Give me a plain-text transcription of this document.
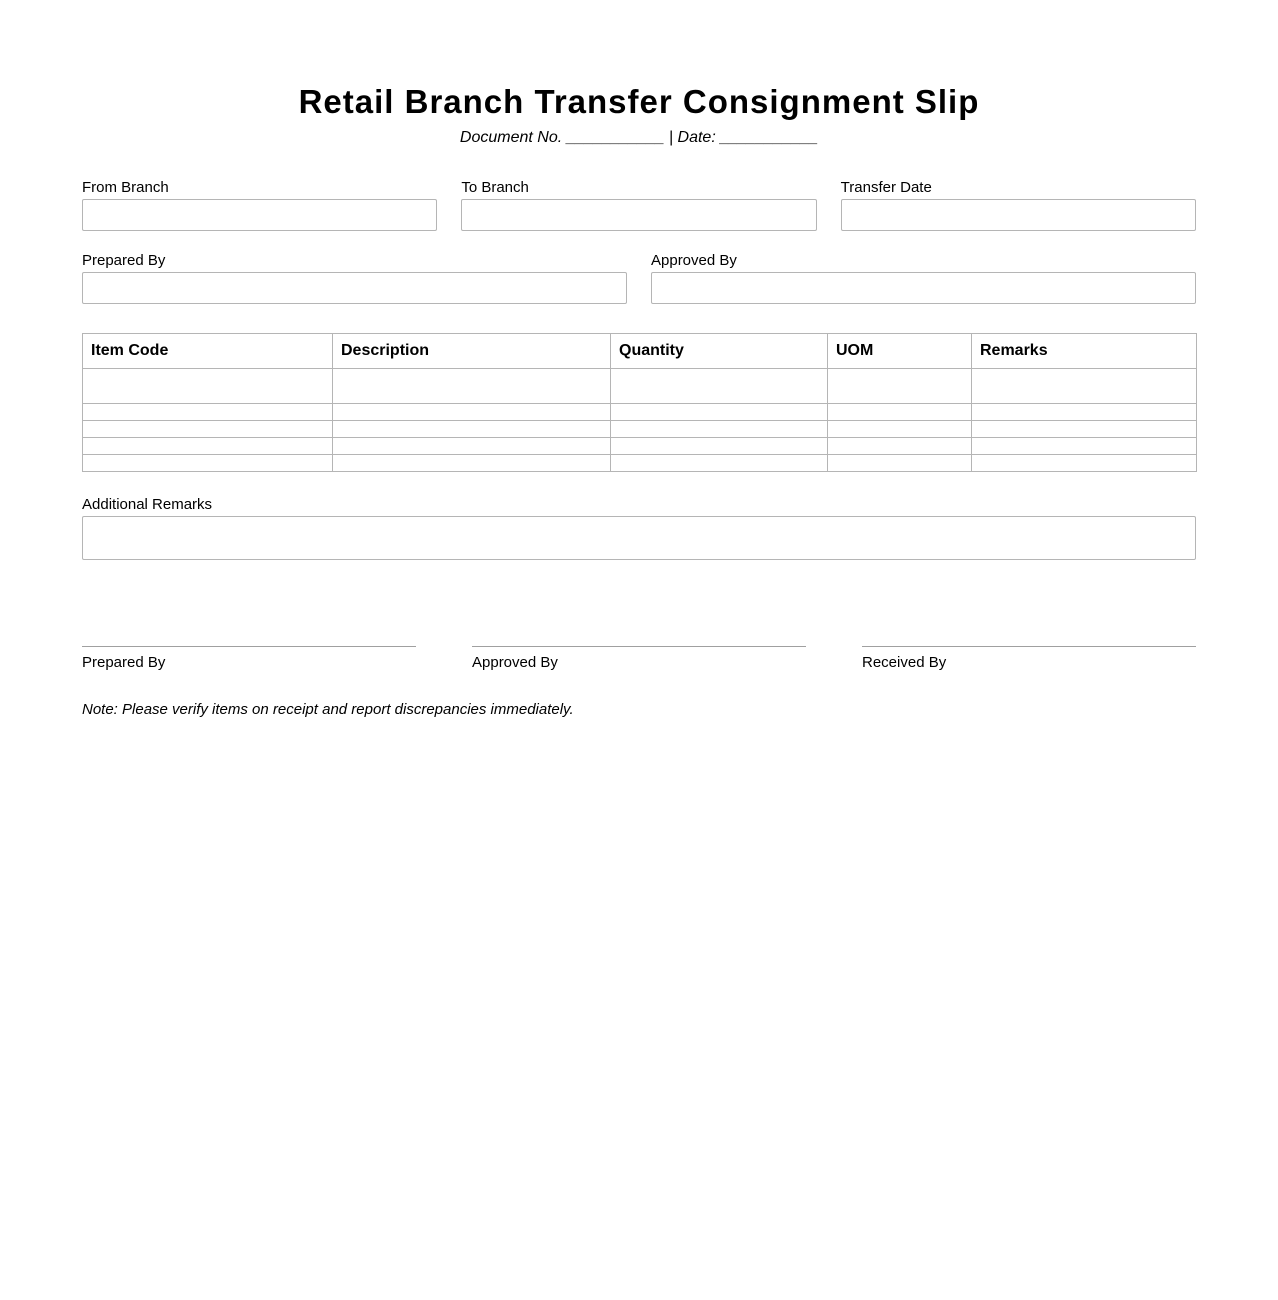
Retail Branch Transfer Consignment Slip
Document No. ___________ | Date: ___________
From Branch	To Branch	Transfer Date
Prepared By	Approved By
Item Code	Description	Quantity	UOM	Remarks

Additional Remarks
Prepared By	Approved By	Received By
Note: Please verify items on receipt and report discrepancies immediately.
